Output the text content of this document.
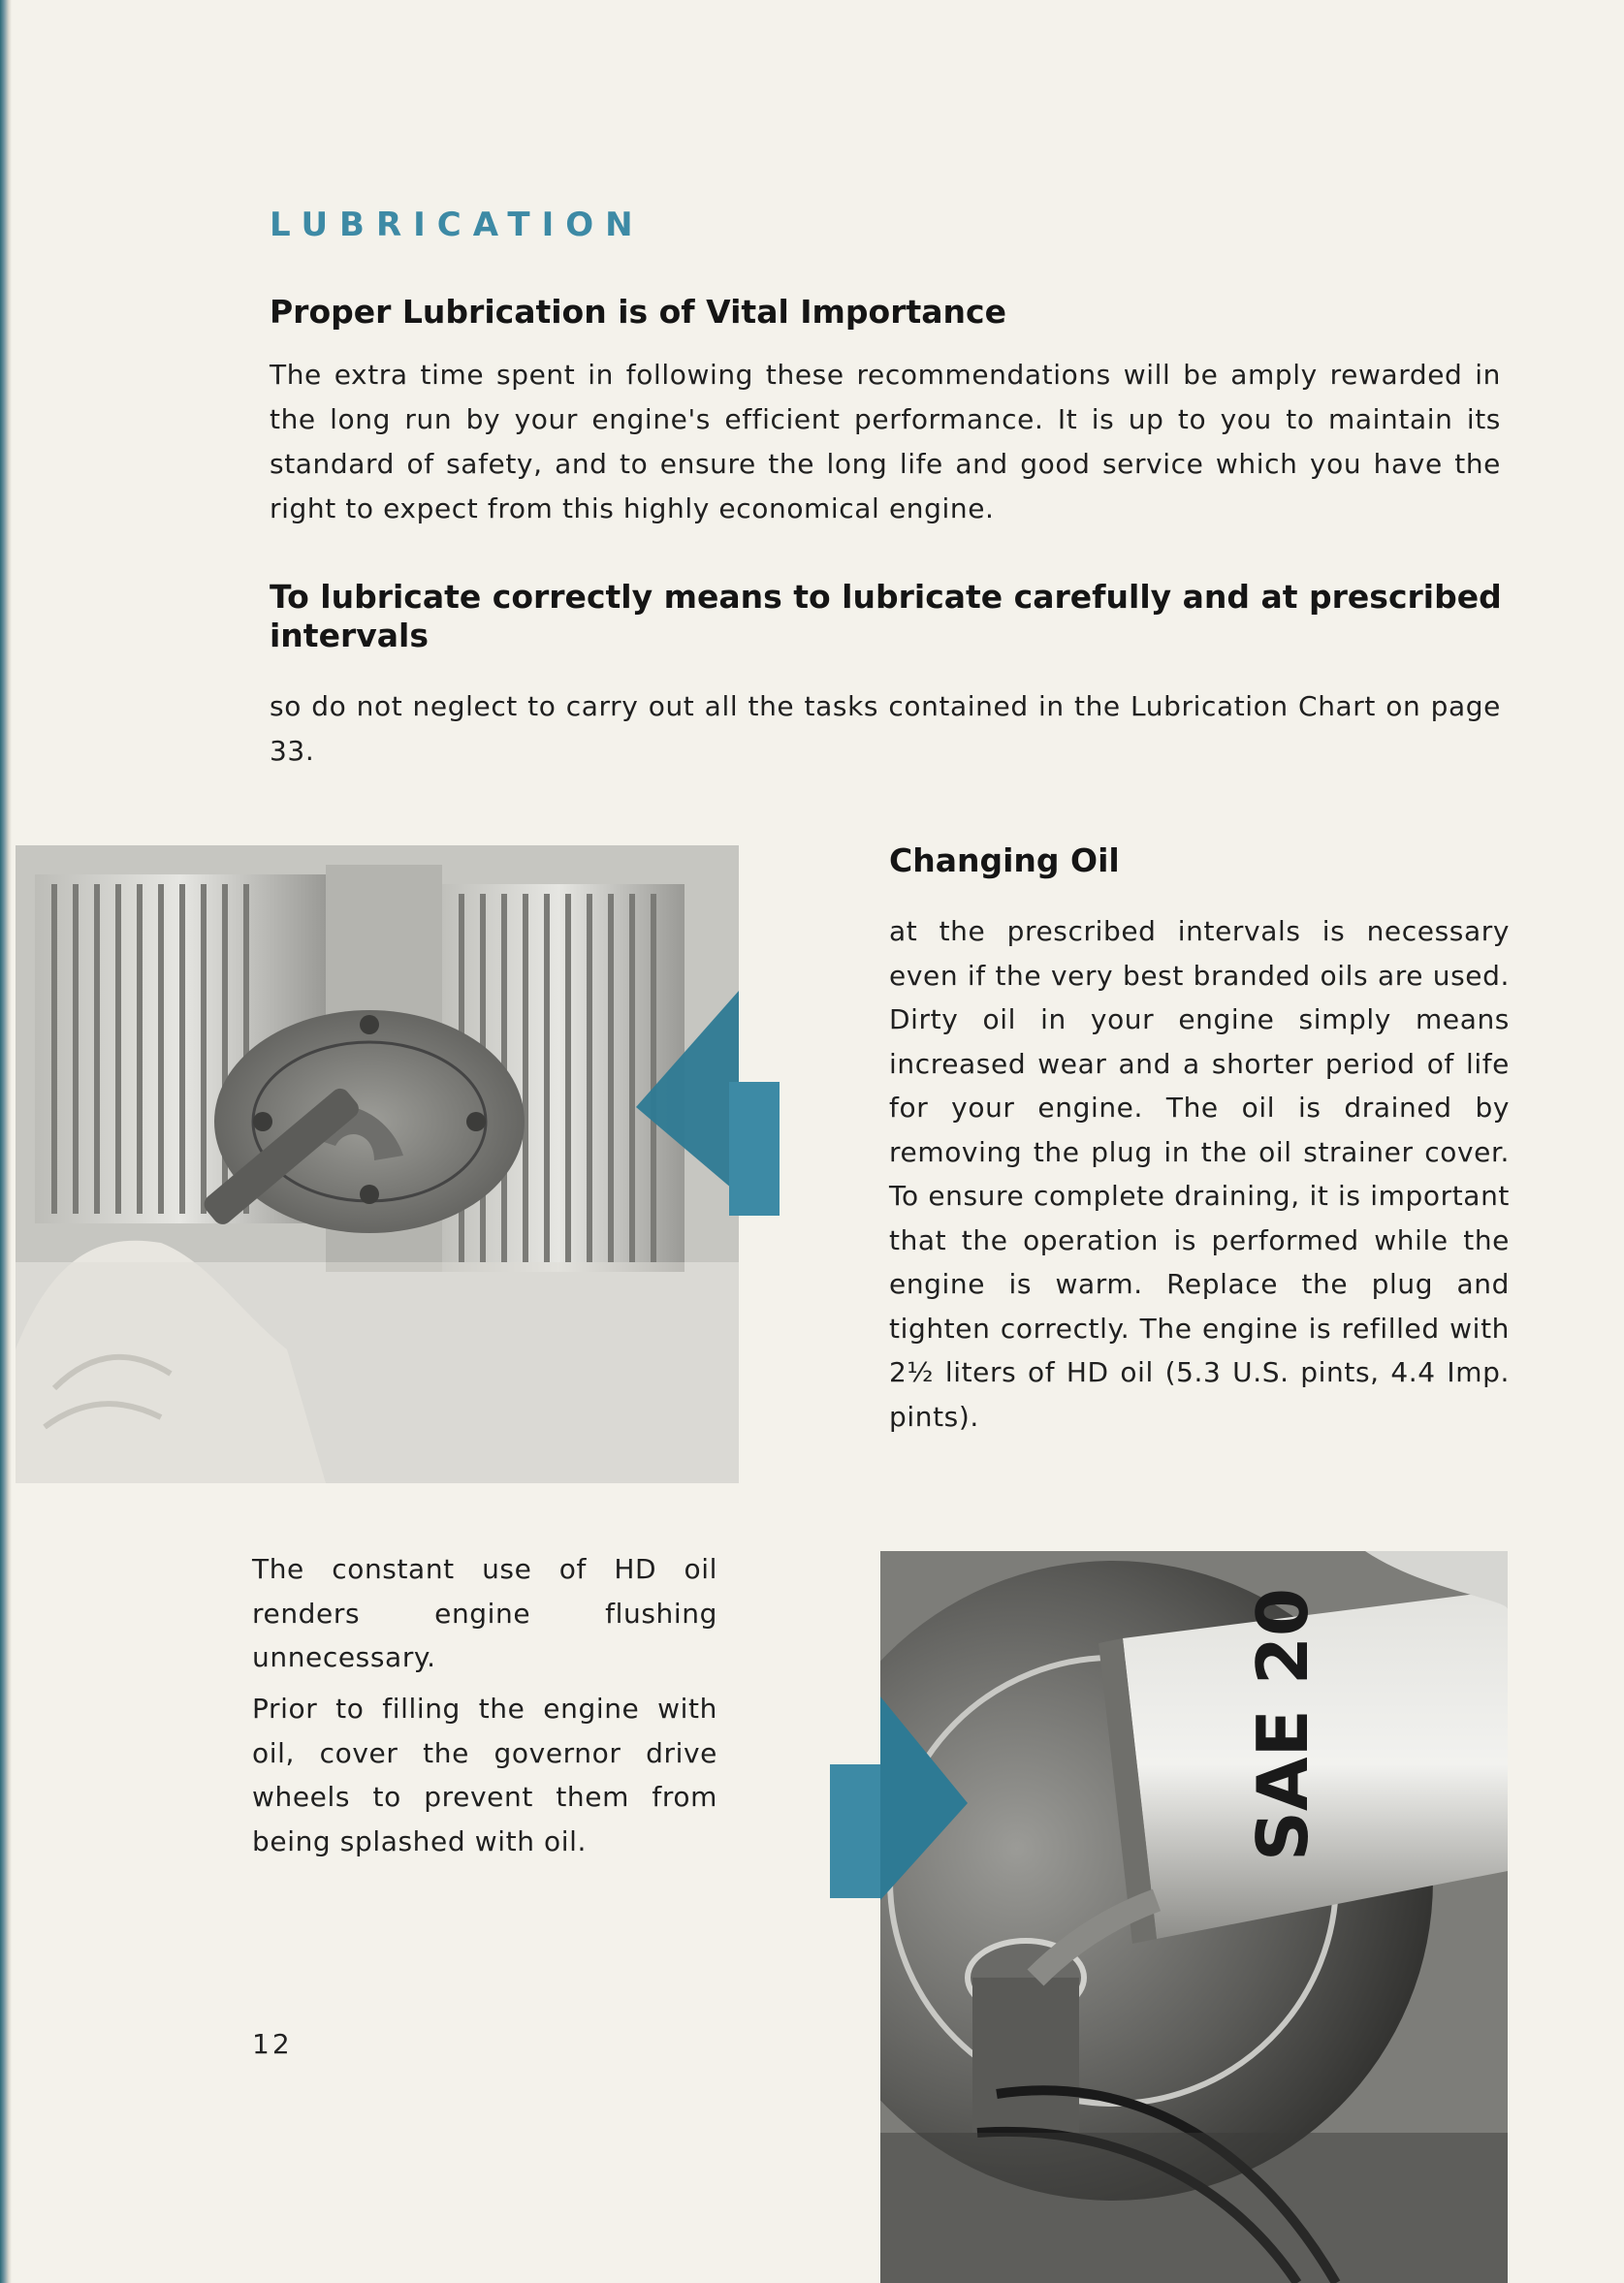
LUBRICATION
Proper Lubrication is of Vital Importance
The extra time spent in following these recommendations will be amply rewarded in the long run by your engine's efficient performance. It is up to you to maintain its standard of safety, and to ensure the long life and good service which you have the right to expect from this highly economical engine.
To lubricate correctly means to lubricate carefully and at prescribed intervals
so do not neglect to carry out all the tasks contained in the Lubrication Chart on page 33.
Changing Oil
at the prescribed intervals is necessary even if the very best branded oils are used. Dirty oil in your engine simply means increased wear and a shorter period of life for your engine. The oil is drained by removing the plug in the oil strainer cover. To ensure complete draining, it is important that the operation is performed while the engine is warm. Replace the plug and tighten correctly. The engine is refilled with 2½ liters of HD oil (5.3 U.S. pints, 4.4 Imp. pints).
The constant use of HD oil renders engine flushing unnecessary.
Prior to filling the engine with oil, cover the governor drive wheels to prevent them from being splashed with oil.
12
SAE 20
